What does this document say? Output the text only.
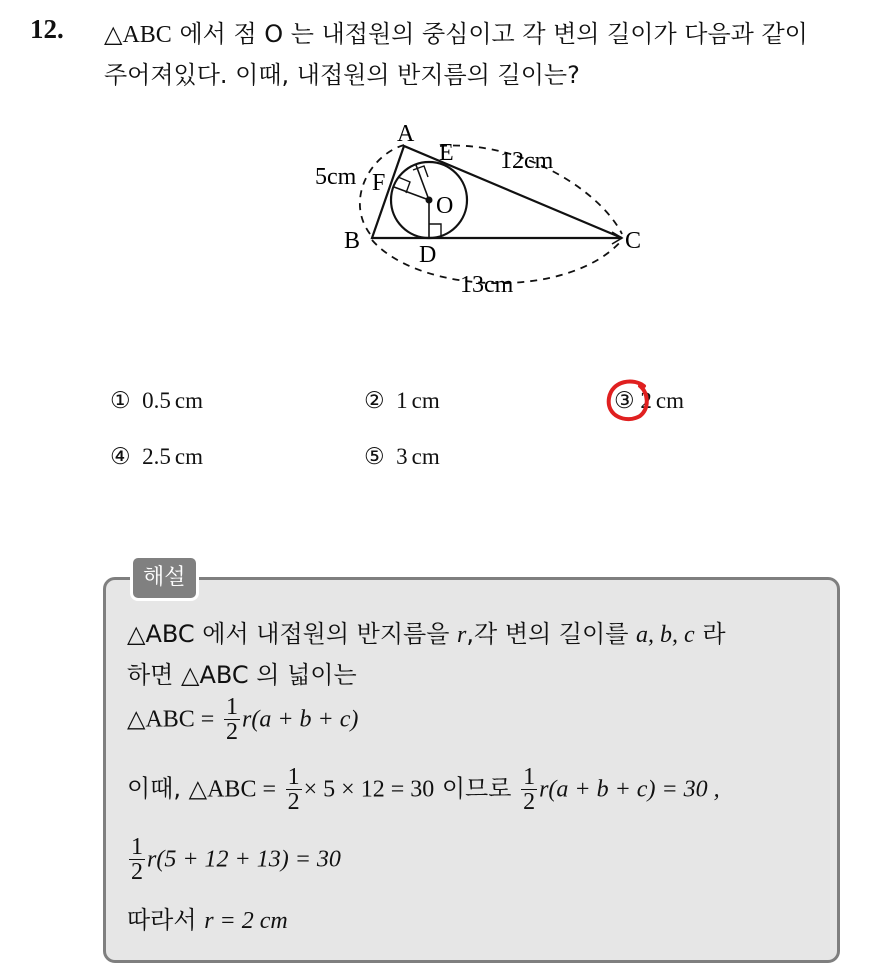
12. △ABC 에서 점 O 는 내접원의 중심이고 각 변의 길이가 다음과 같이
주어져있다. 이때, 내접원의 반지름의 길이는?
A
E
F
O
B
D
C
5cm
12cm
13cm
① 0.5 cm	② 1 cm	③ 2 cm
④ 2.5 cm	⑤ 3 cm
해설
△ABC 에서 내접원의 반지름을 r,각 변의 길이를 a, b, c 라
하면 △ABC 의 넓이는
△ABC = $\frac{1}{2} r(a + b + c)$
이때, △ABC = $\frac{1}{2} \times 5 \times 12 = 30$ 이므로 $\frac{1}{2} r(a + b + c) = 30$ ,
$\frac{1}{2} r(5 + 12 + 13) = 30$
따라서 r = 2 cm
